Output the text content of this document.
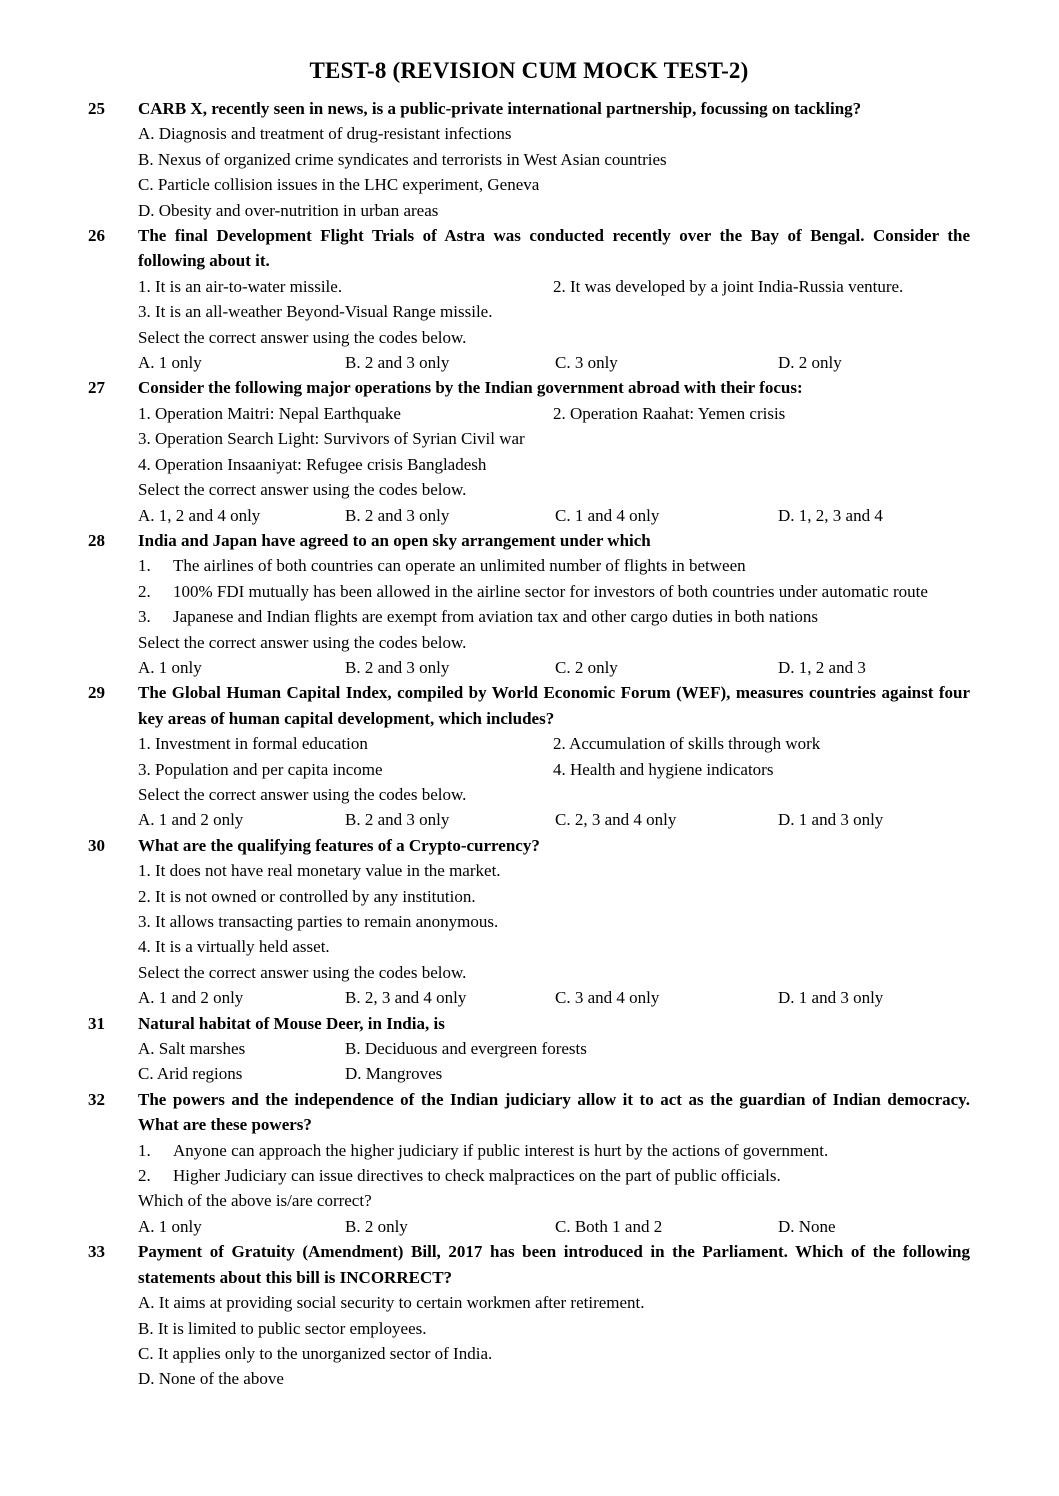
TEST-8 (REVISION CUM MOCK TEST-2)
25	CARB X, recently seen in news, is a public-private international partnership, focussing on tackling?
A. Diagnosis and treatment of drug-resistant infections
B. Nexus of organized crime syndicates and terrorists in West Asian countries
C. Particle collision issues in the LHC experiment, Geneva
D. Obesity and over-nutrition in urban areas
26	The final Development Flight Trials of Astra was conducted recently over the Bay of Bengal. Consider the following about it.
1. It is an air-to-water missile.	2. It was developed by a joint India-Russia venture.
3. It is an all-weather Beyond-Visual Range missile.
Select the correct answer using the codes below.
A. 1 only	B. 2 and 3 only	C. 3 only	D. 2 only
27	Consider the following major operations by the Indian government abroad with their focus:
1. Operation Maitri: Nepal Earthquake	2. Operation Raahat: Yemen crisis
3. Operation Search Light: Survivors of Syrian Civil war
4. Operation Insaaniyat: Refugee crisis Bangladesh
Select the correct answer using the codes below.
A. 1, 2 and 4 only	B. 2 and 3 only	C. 1 and 4 only	D. 1, 2, 3 and 4
28	India and Japan have agreed to an open sky arrangement under which
1.	The airlines of both countries can operate an unlimited number of flights in between
2.	100% FDI mutually has been allowed in the airline sector for investors of both countries under automatic route
3.	Japanese and Indian flights are exempt from aviation tax and other cargo duties in both nations
Select the correct answer using the codes below.
A. 1 only	B. 2 and 3 only	C. 2 only	D. 1, 2 and 3
29	The Global Human Capital Index, compiled by World Economic Forum (WEF), measures countries against four key areas of human capital development, which includes?
1. Investment in formal education	2. Accumulation of skills through work
3. Population and per capita income	4. Health and hygiene indicators
Select the correct answer using the codes below.
A. 1 and 2 only	B. 2 and 3 only	C. 2, 3 and 4 only	D. 1 and 3 only
30	What are the qualifying features of a Crypto-currency?
1. It does not have real monetary value in the market.
2. It is not owned or controlled by any institution.
3. It allows transacting parties to remain anonymous.
4. It is a virtually held asset.
Select the correct answer using the codes below.
A. 1 and 2 only	B. 2, 3 and 4 only	C. 3 and 4 only	D. 1 and 3 only
31	Natural habitat of Mouse Deer, in India, is
A. Salt marshes	B. Deciduous and evergreen forests
C. Arid regions	D. Mangroves
32	The powers and the independence of the Indian judiciary allow it to act as the guardian of Indian democracy. What are these powers?
1.	Anyone can approach the higher judiciary if public interest is hurt by the actions of government.
2.	Higher Judiciary can issue directives to check malpractices on the part of public officials.
Which of the above is/are correct?
A. 1 only	B. 2 only	C. Both 1 and 2	D. None
33	Payment of Gratuity (Amendment) Bill, 2017 has been introduced in the Parliament. Which of the following statements about this bill is INCORRECT?
A. It aims at providing social security to certain workmen after retirement.
B. It is limited to public sector employees.
C. It applies only to the unorganized sector of India.
D. None of the above
